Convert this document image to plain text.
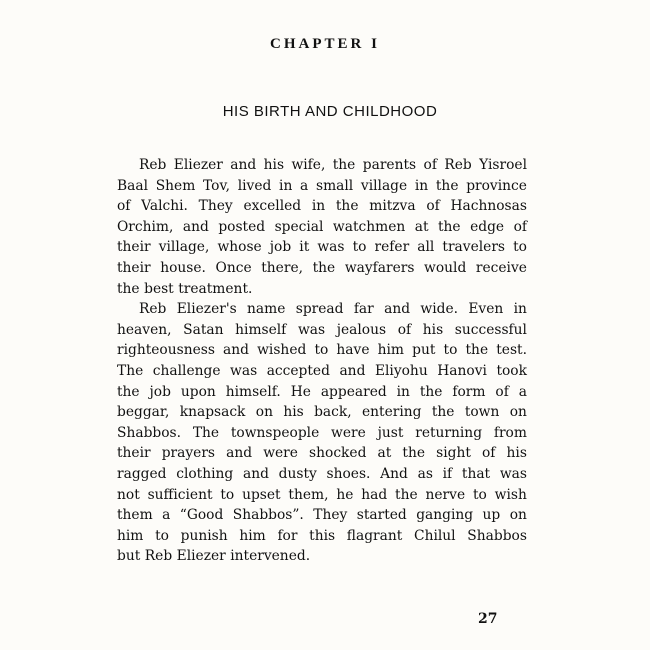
CHAPTER I
HIS BIRTH AND CHILDHOOD
Reb Eliezer and his wife, the parents of Reb Yisroel
Baal Shem Tov, lived in a small village in the province
of Valchi. They excelled in the mitzva of Hachnosas
Orchim, and posted special watchmen at the edge of
their village, whose job it was to refer all travelers to
their house. Once there, the wayfarers would receive
the best treatment.
Reb Eliezer's name spread far and wide. Even in
heaven, Satan himself was jealous of his successful
righteousness and wished to have him put to the test.
The challenge was accepted and Eliyohu Hanovi took
the job upon himself. He appeared in the form of a
beggar, knapsack on his back, entering the town on
Shabbos. The townspeople were just returning from
their prayers and were shocked at the sight of his
ragged clothing and dusty shoes. And as if that was
not sufficient to upset them, he had the nerve to wish
them a “Good Shabbos”. They started ganging up on
him to punish him for this flagrant Chilul Shabbos
but Reb Eliezer intervened.
27
